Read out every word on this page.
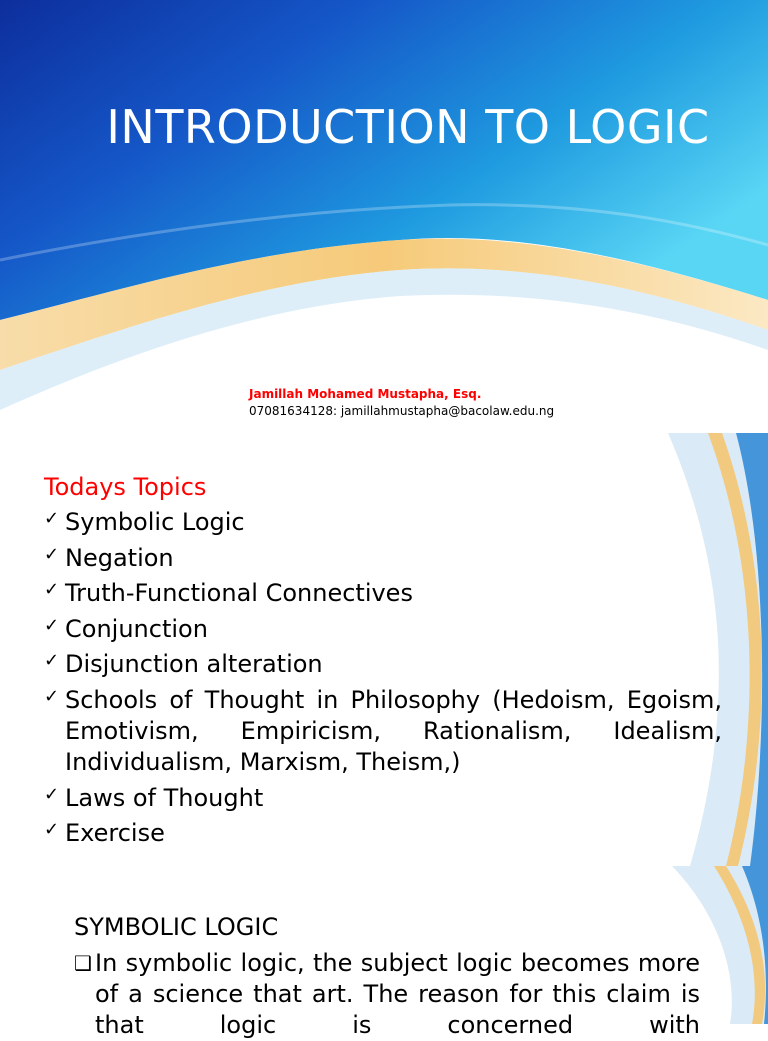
INTRODUCTION TO LOGIC
Jamillah Mohamed Mustapha, Esq.
07081634128: jamillahmustapha@bacolaw.edu.ng
Todays Topics
✓ Symbolic Logic
✓ Negation
✓ Truth-Functional Connectives
✓ Conjunction
✓ Disjunction alteration
✓ Schools of Thought in Philosophy (Hedoism, Egoism, Emotivism, Empiricism, Rationalism, Idealism, Individualism, Marxism, Theism,)
✓ Laws of Thought
✓ Exercise
SYMBOLIC LOGIC
❑ In symbolic logic, the subject logic becomes more of a science that art. The reason for this claim is that logic is concerned with
